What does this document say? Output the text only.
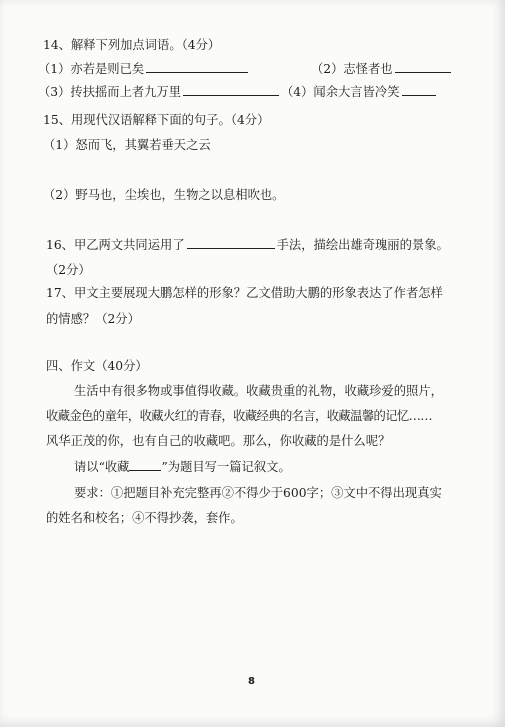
14、解释下列加点词语。（4分）
（1）亦若是则已矣	（2）志怪者也
（3）抟扶摇而上者九万里	（4）闻余大言皆冷笑
15、用现代汉语解释下面的句子。（4分）
（1）怒而飞，其翼若垂天之云
（2）野马也，尘埃也，生物之以息相吹也。
16、甲乙两文共同运用了	手法，描绘出雄奇瑰丽的景象。
（2分）
17、甲文主要展现大鹏怎样的形象？乙文借助大鹏的形象表达了作者怎样
的情感？（2分）
四、作文（40分）
生活中有很多物或事值得收藏。收藏贵重的礼物，收藏珍爱的照片，
收藏金色的童年，收藏火红的青春，收藏经典的名言，收藏温馨的记忆……
风华正茂的你，也有自己的收藏吧。那么，你收藏的是什么呢？
请以“收藏	”为题目写一篇记叙文。
要求：①把题目补充完整再②不得少于600字；③文中不得出现真实
的姓名和校名；④不得抄袭，套作。
8
